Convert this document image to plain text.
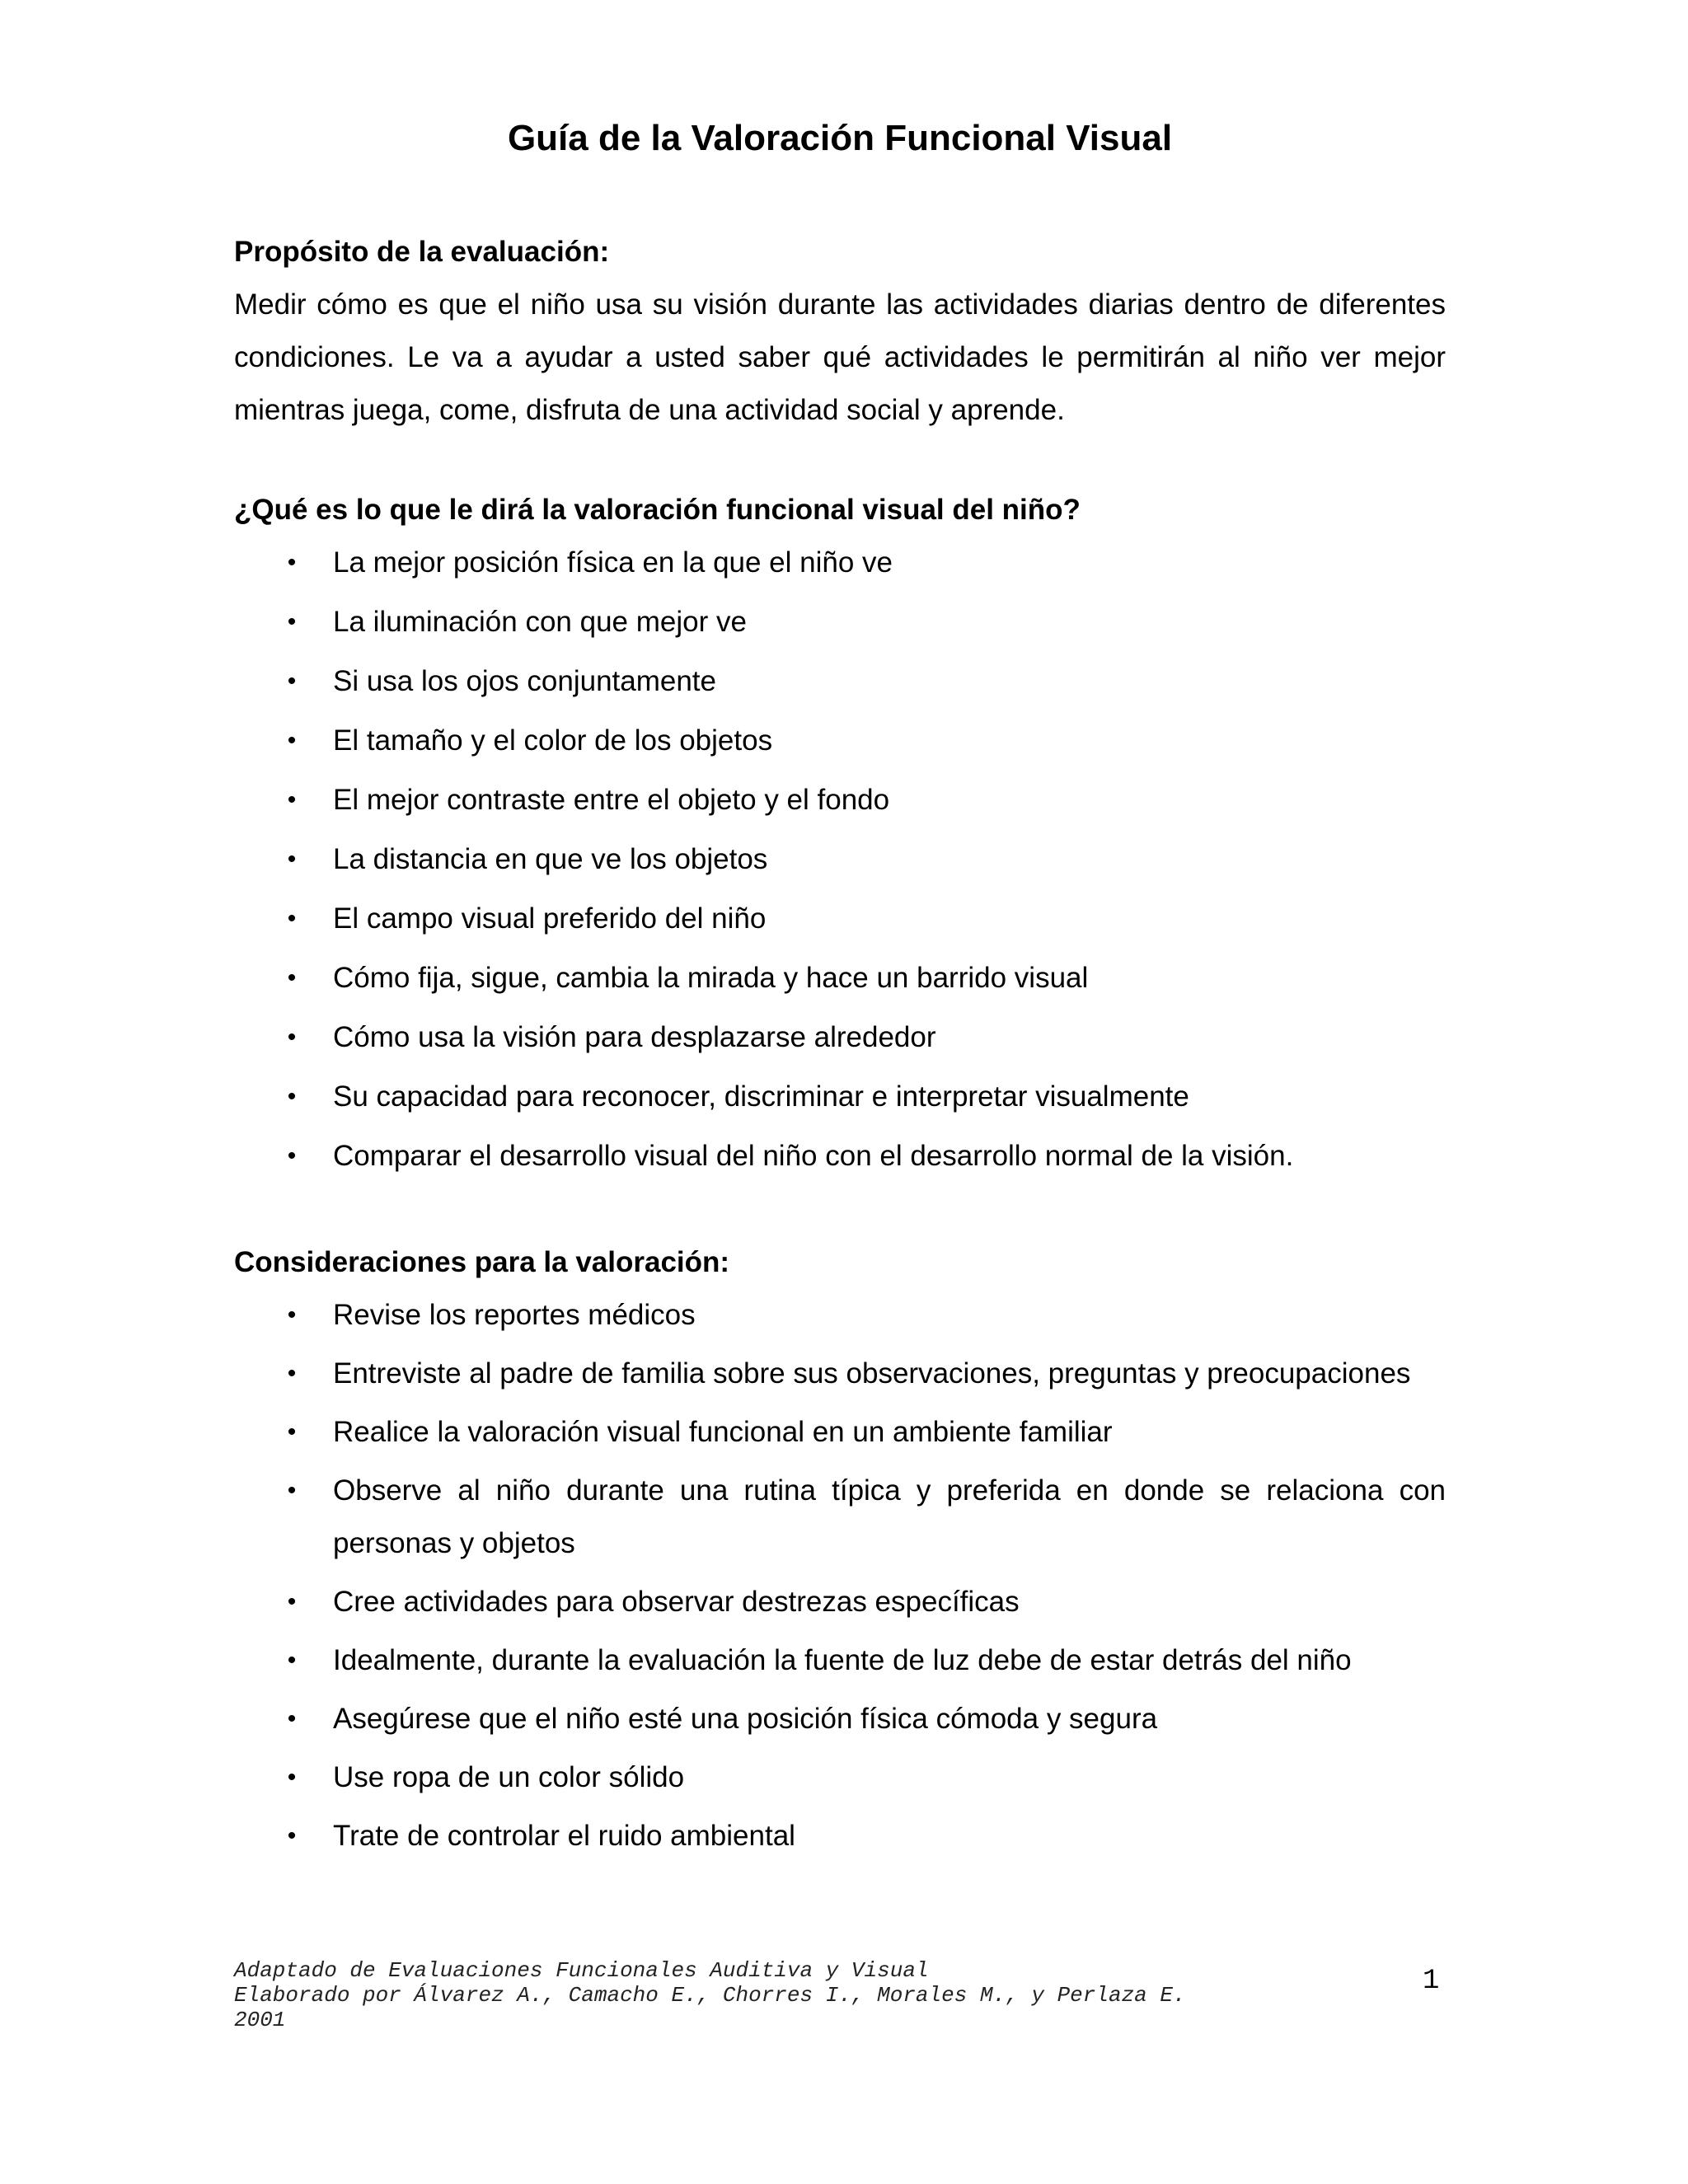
Guía de la Valoración Funcional Visual

Propósito de la evaluación:

Medir cómo es que el niño usa su visión durante las actividades diarias dentro de diferentes condiciones. Le va a ayudar a usted saber qué actividades le permitirán al niño ver mejor mientras juega, come, disfruta de una actividad social y aprende.

¿Qué es lo que le dirá la valoración funcional visual del niño?

• La mejor posición física en la que el niño ve
• La iluminación con que mejor ve
• Si usa los ojos conjuntamente
• El tamaño y el color de los objetos
• El mejor contraste entre el objeto y el fondo
• La distancia en que ve los objetos
• El campo visual preferido del niño
• Cómo fija, sigue, cambia la mirada y hace un barrido visual
• Cómo usa la visión para desplazarse alrededor
• Su capacidad para reconocer, discriminar e interpretar visualmente
• Comparar el desarrollo visual del niño con el desarrollo normal de la visión.

Consideraciones para la valoración:

• Revise los reportes médicos
• Entreviste al padre de familia sobre sus observaciones, preguntas y preocupaciones
• Realice la valoración visual funcional en un ambiente familiar
• Observe al niño durante una rutina típica y preferida en donde se relaciona con personas y objetos
• Cree actividades para observar destrezas específicas
• Idealmente, durante la evaluación la fuente de luz debe de estar detrás del niño
• Asegúrese que el niño esté una posición física cómoda y segura
• Use ropa de un color sólido
• Trate de controlar el ruido ambiental
Adaptado de Evaluaciones Funcionales Auditiva y Visual
Elaborado por Álvarez A., Camacho E., Chorres I., Morales M., y Perlaza E.
2001
1
